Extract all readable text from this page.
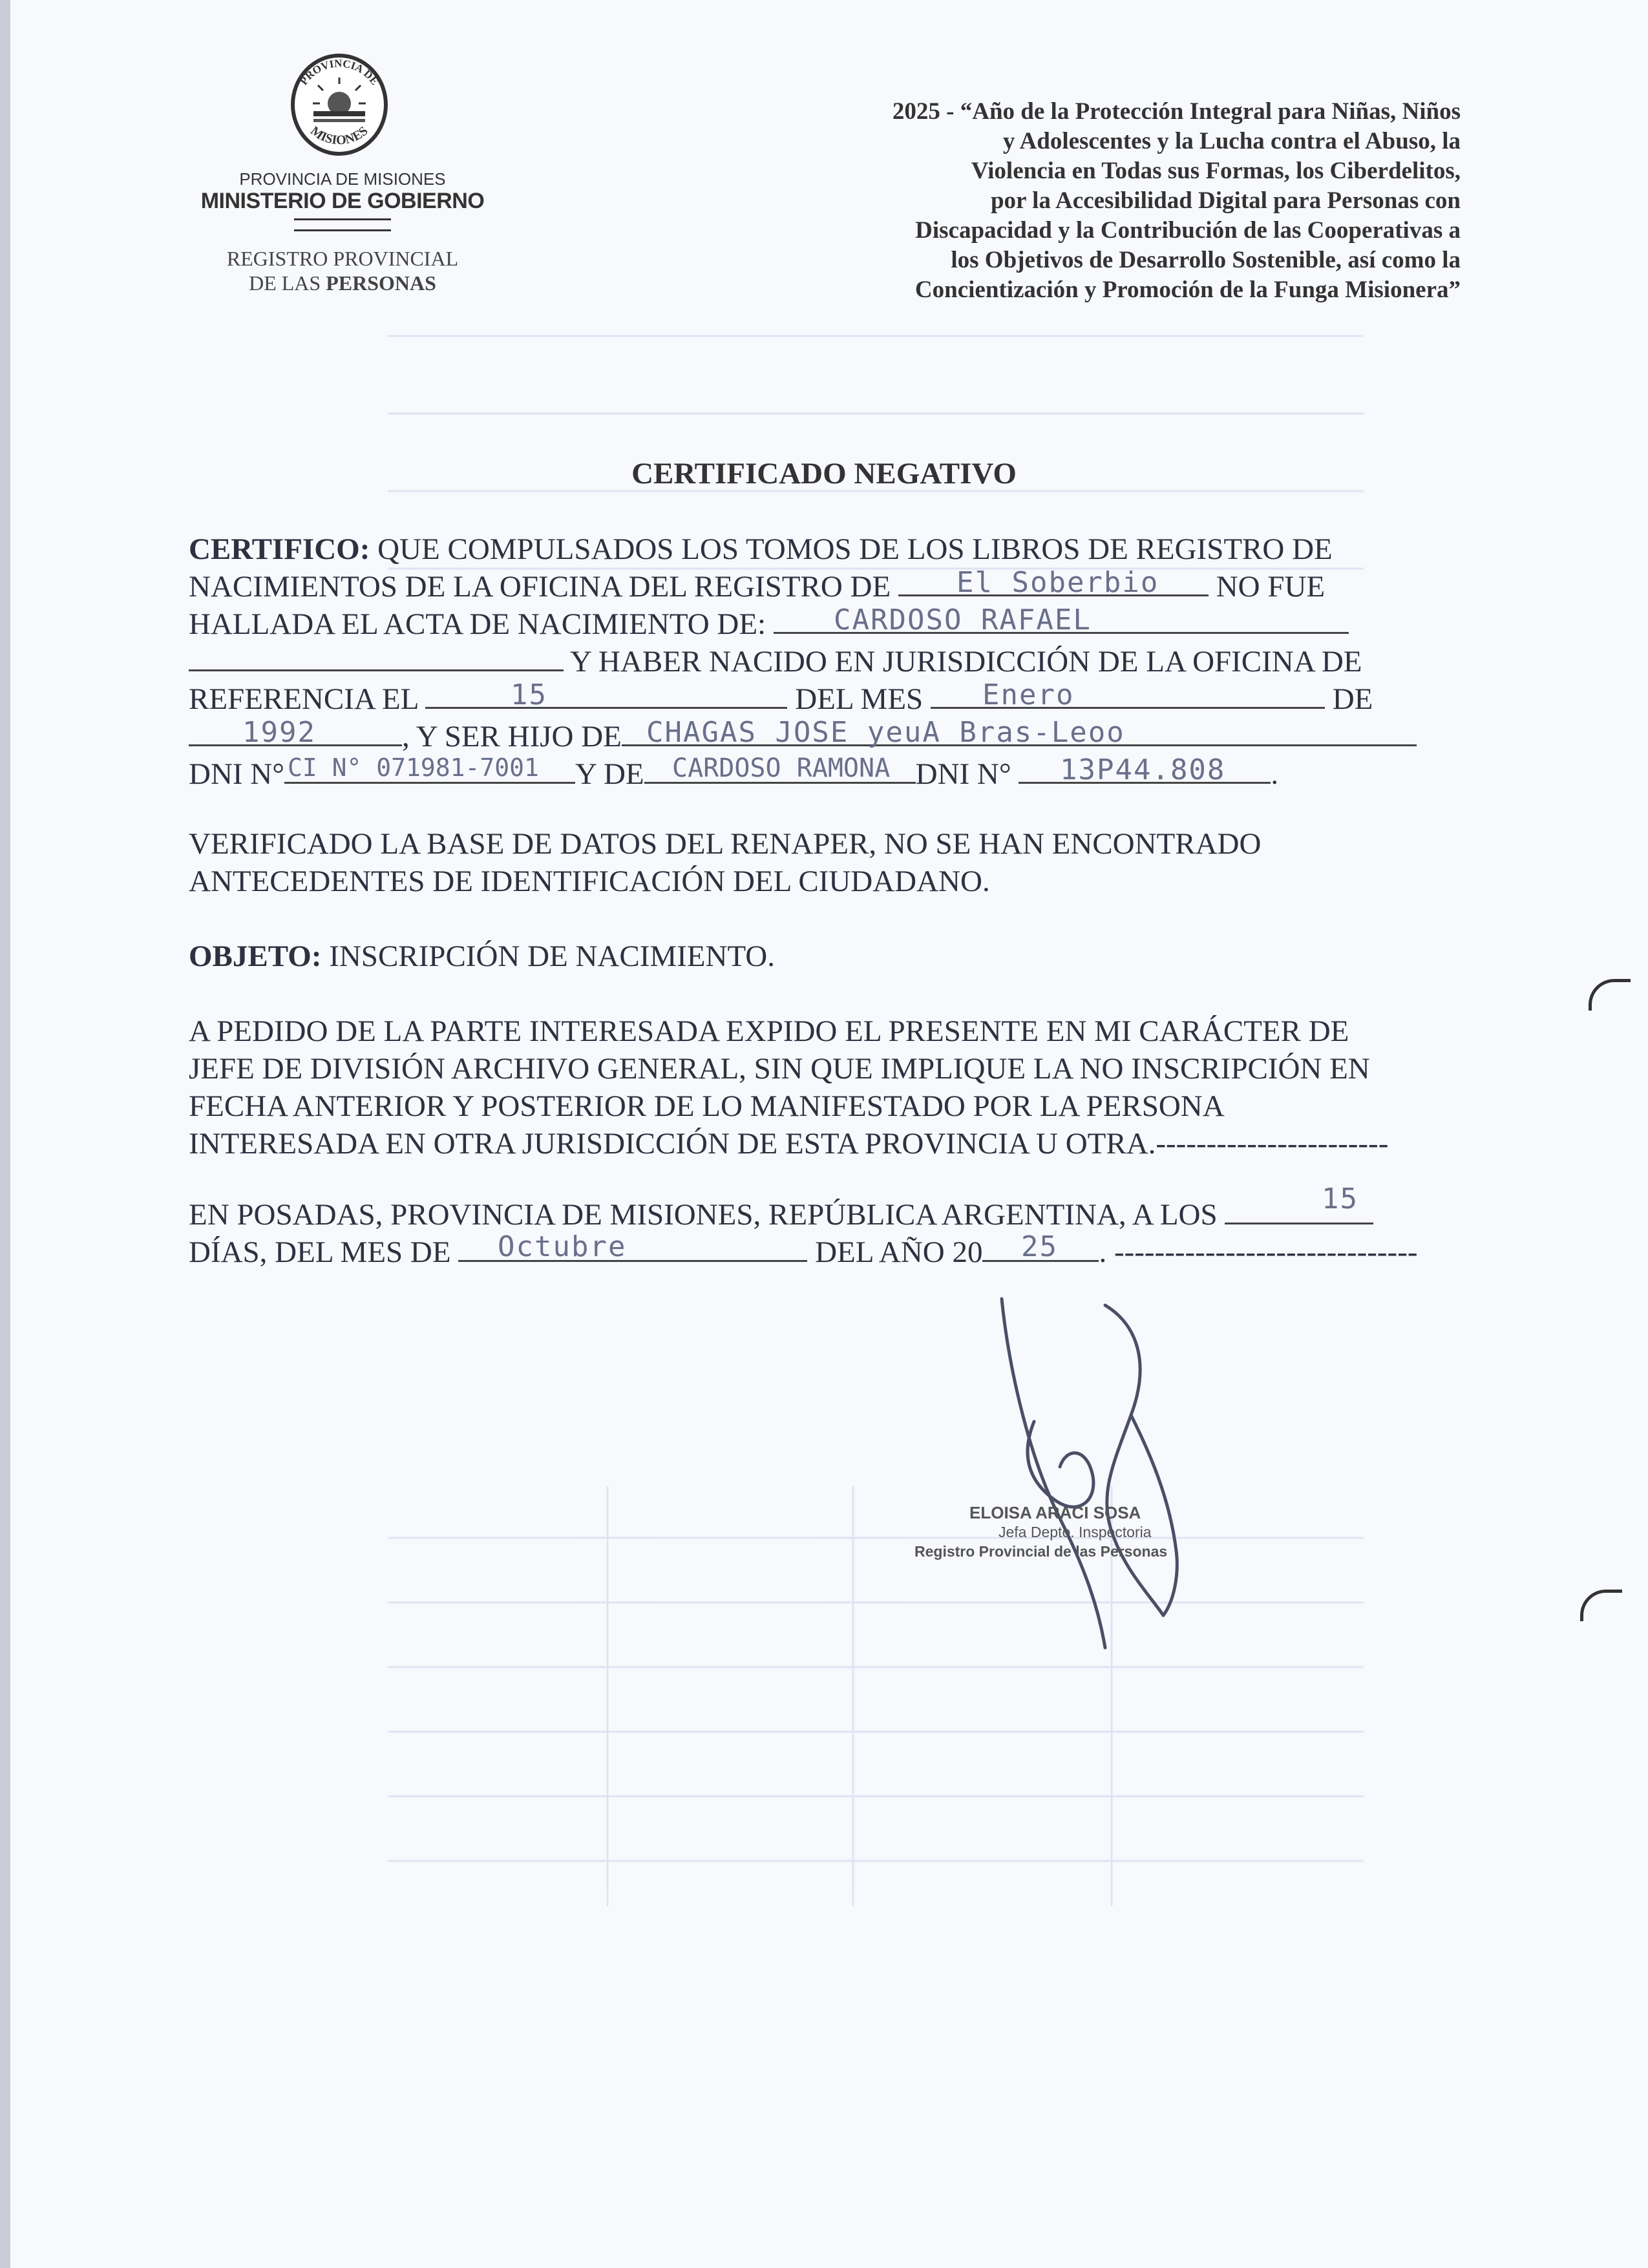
PROVINCIA DE
MISIONES
PROVINCIA DE MISIONES
MINISTERIO DE GOBIERNO
REGISTRO PROVINCIAL
DE LAS PERSONAS
2025 - “Año de la Protección Integral para Niñas, Niños
y Adolescentes y la Lucha contra el Abuso, la
Violencia en Todas sus Formas, los Ciberdelitos,
por la Accesibilidad Digital para Personas con
Discapacidad y la Contribución de las Cooperativas a
los Objetivos de Desarrollo Sostenible, así como la
Concientización y Promoción de la Funga Misionera”
CERTIFICADO NEGATIVO
CERTIFICO: QUE COMPULSADOS LOS TOMOS DE LOS LIBROS DE REGISTRO DE
NACIMIENTOS DE LA OFICINA DEL REGISTRO DE	NO FUE
HALLADA EL ACTA DE NACIMIENTO DE:
Y HABER NACIDO EN JURISDICCIÓN DE LA OFICINA DE
REFERENCIA EL	DEL MES	DE
, Y SER HIJO DE
DNI N°	Y DE	DNI N°	.
El Soberbio
CARDOSO RAFAEL
15	Enero
1992	CHAGAS JOSE yeuA Bras-Leoo
CI N° 071981-7001	CARDOSO RAMONA	13P44.808
VERIFICADO LA BASE DE DATOS DEL RENAPER, NO SE HAN ENCONTRADO
ANTECEDENTES DE IDENTIFICACIÓN DEL CIUDADANO.
OBJETO: INSCRIPCIÓN DE NACIMIENTO.
A PEDIDO DE LA PARTE INTERESADA EXPIDO EL PRESENTE EN MI CARÁCTER DE
JEFE DE DIVISIÓN ARCHIVO GENERAL, SIN QUE IMPLIQUE LA NO INSCRIPCIÓN EN
FECHA ANTERIOR Y POSTERIOR DE LO MANIFESTADO POR LA PERSONA
INTERESADA EN OTRA JURISDICCIÓN DE ESTA PROVINCIA U OTRA.-----------------------
EN POSADAS, PROVINCIA DE MISIONES, REPÚBLICA ARGENTINA, A LOS
DÍAS, DEL MES DE	DEL AÑO 20	. ------------------------------
15
Octubre	25
ELOISA ARACI SOSA
Jefa Depto. Inspectoria
Registro Provincial de las Personas
